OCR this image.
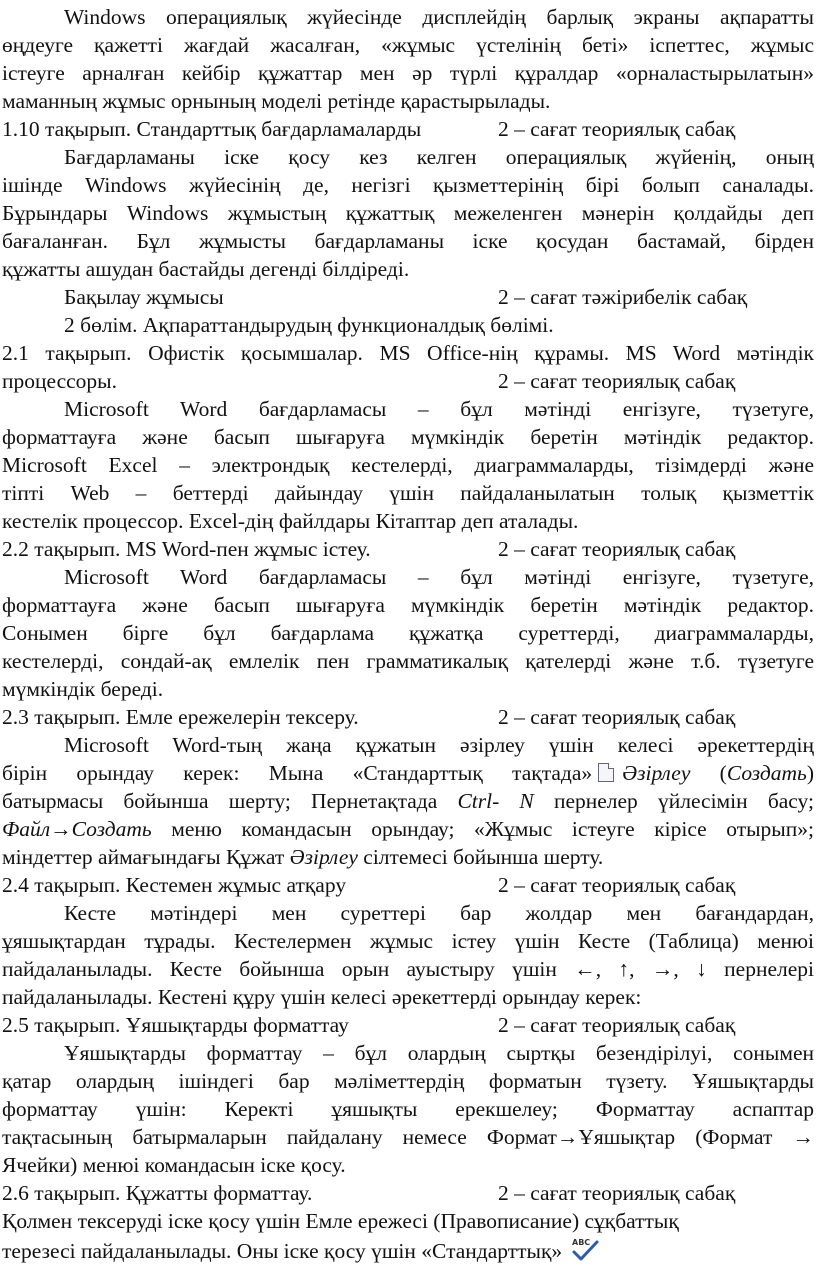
Windows операциялық жүйесінде дисплейдің барлық экраны ақпаратты
өңдеуге қажетті жағдай жасалған, «жұмыс үстелінің беті» іспеттес, жұмыс
істеуге арналған кейбір құжаттар мен әр түрлі құралдар «орналастырылатын»
маманның жұмыс орнының моделі ретінде қарастырылады.
1.10 тақырып. Стандарттық бағдарламаларды	2 – сағат теориялық сабақ
Бағдарламаны іске қосу кез келген операциялық жүйенің, оның
ішінде Windows жүйесінің де, негізгі қызметтерінің бірі болып саналады.
Бұрындары Windows жұмыстың құжаттық межеленген мәнерін қолдайды деп
бағаланған. Бұл жұмысты бағдарламаны іске қосудан бастамай, бірден
құжатты ашудан бастайды дегенді білдіреді.
Бақылау жұмысы	2 – сағат тәжірибелік сабақ
2 бөлім. Ақпараттандырудың функционалдық бөлімі.
2.1 тақырып. Офистік қосымшалар. MS Office-нің құрамы. MS Word мәтіндік
процессоры.	2 – сағат теориялық сабақ
Microsoft Word бағдарламасы – бұл мәтінді енгізуге, түзетуге,
форматтауға және басып шығаруға мүмкіндік беретін мәтіндік редактор.
Microsoft Excel – электрондық кестелерді, диаграммаларды, тізімдерді және
тіпті Web – беттерді дайындау үшін пайдаланылатын толық қызметтік
кестелік процессор. Excel-дің файлдары Кітаптар деп аталады.
2.2 тақырып. MS Word-пен жұмыс істеу.	2 – сағат теориялық сабақ
Microsoft Word бағдарламасы – бұл мәтінді енгізуге, түзетуге,
форматтауға және басып шығаруға мүмкіндік беретін мәтіндік редактор.
Сонымен бірге бұл бағдарлама құжатқа суреттерді, диаграммаларды,
кестелерді, сондай-ақ емлелік пен грамматикалық қателерді және т.б. түзетуге
мүмкіндік береді.
2.3 тақырып. Емле ережелерін тексеру.	2 – сағат теориялық сабақ
Microsoft Word-тың жаңа құжатын әзірлеу үшін келесі әрекеттердің
бірін орындау керек: Мына «Стандарттық тақтада» Әзірлеу (Создать)
батырмасы бойынша шерту; Пернетақтада Ctrl- N пернелер үйлесімін басу;
Файл→Создать меню командасын орындау; «Жұмыс істеуге кірісе отырып»;
міндеттер аймағындағы Құжат Әзірлеу сілтемесі бойынша шерту.
2.4 тақырып. Кестемен жұмыс атқару	2 – сағат теориялық сабақ
Кесте мәтіндері мен суреттері бар жолдар мен бағандардан,
ұяшықтардан тұрады. Кестелермен жұмыс істеу үшін Кесте (Таблица) менюі
пайдаланылады. Кесте бойынша орын ауыстыру үшін ←, ↑, →, ↓ пернелері
пайдаланылады. Кестені құру үшін келесі әрекеттерді орындау керек:
2.5 тақырып. Ұяшықтарды форматтау	2 – сағат теориялық сабақ
Ұяшықтарды форматтау – бұл олардың сыртқы безендірілуі, сонымен
қатар олардың ішіндегі бар мәліметтердің форматын түзету. Ұяшықтарды
форматтау үшін: Керекті ұяшықты ерекшелеу; Форматтау аспаптар
тақтасының батырмаларын пайдалану немесе Формат→Ұяшықтар (Формат →
Ячейки) менюі командасын іске қосу.
2.6 тақырып. Құжатты форматтау.	2 – сағат теориялық сабақ
Қолмен тексеруді іске қосу үшін Емле ережесі (Правописание) сұқбаттық
терезесі пайдаланылады. Оны іске қосу үшін «Стандарттық» ABC
